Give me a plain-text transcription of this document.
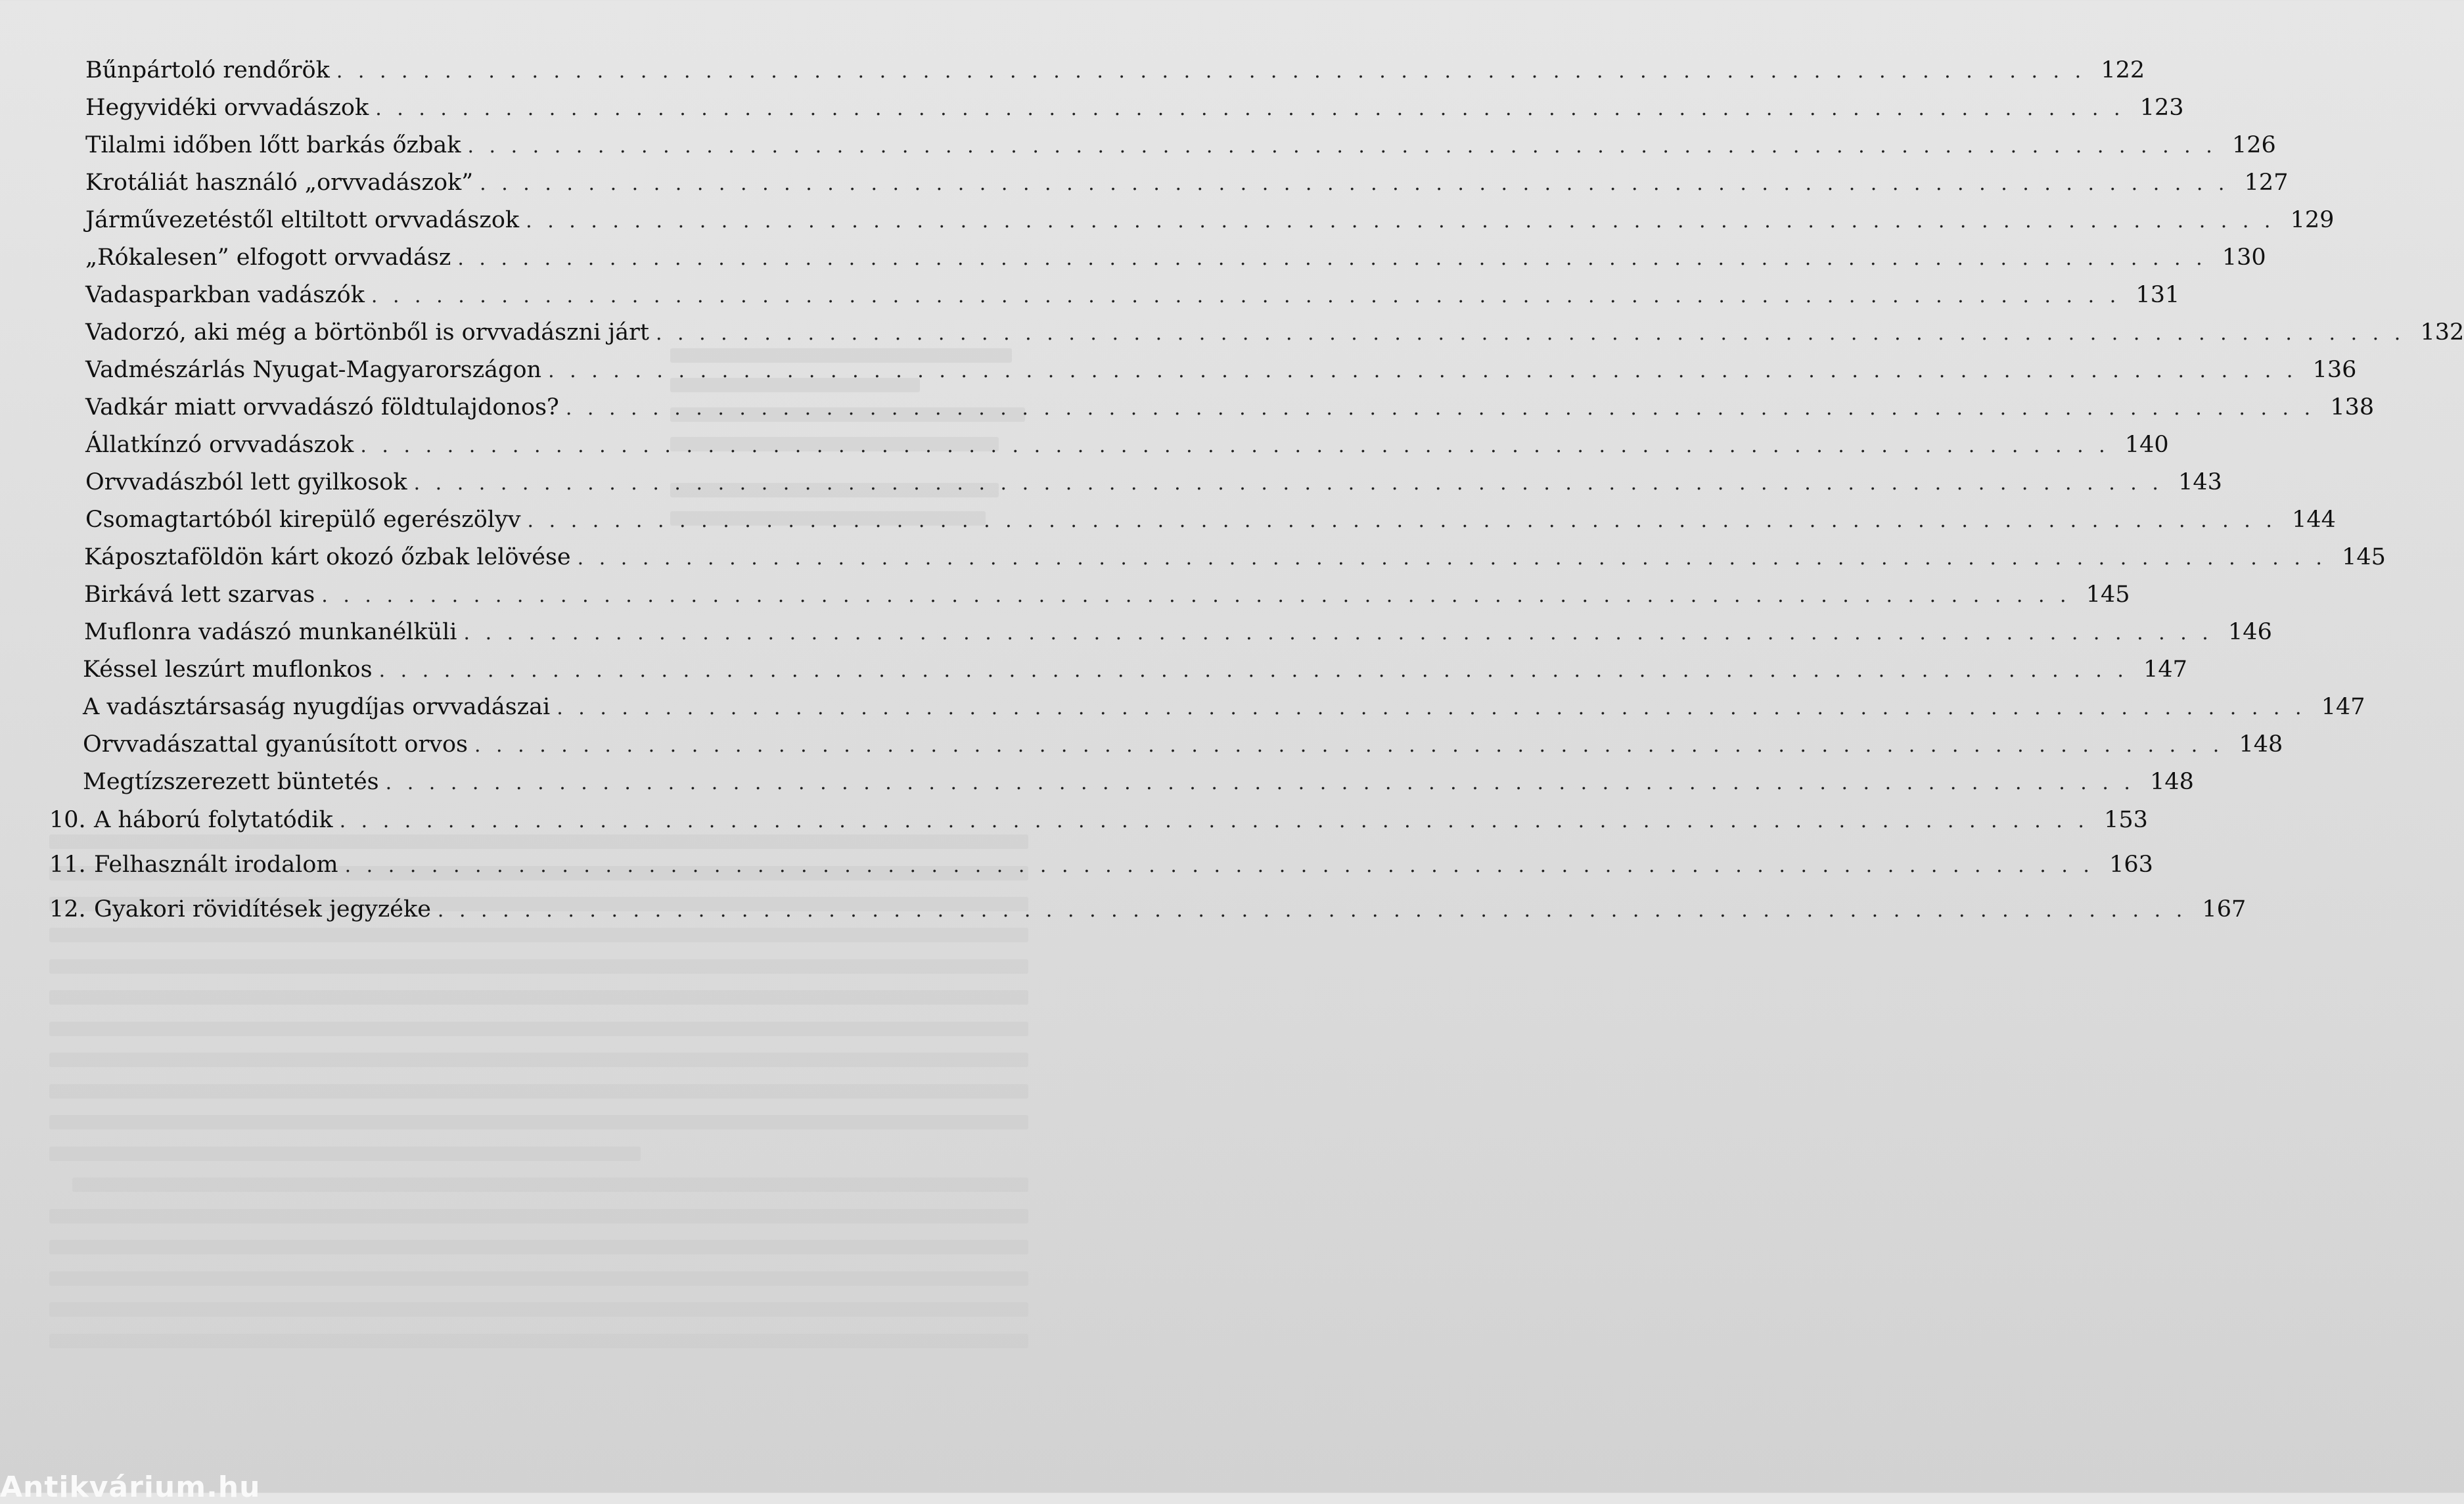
Bűnpártoló rendőrök . . . . . . . . . . . . . . . . . . . . . . . . . . . . . . . . . . . . . . . . . . . . . . . . . . . . . . . . . . . . . . . . . . . . . . . . . . . . . . . . . 122
Hegyvidéki orvvadászok . . . . . . . . . . . . . . . . . . . . . . . . . . . . . . . . . . . . . . . . . . . . . . . . . . . . . . . . . . . . . . . . . . . . . . . . . . . . . . . . . 123
Tilalmi időben lőtt barkás őzbak . . . . . . . . . . . . . . . . . . . . . . . . . . . . . . . . . . . . . . . . . . . . . . . . . . . . . . . . . . . . . . . . . . . . . . . . . . . . . . . . . 126
Krotáliát használó „orvvadászok” . . . . . . . . . . . . . . . . . . . . . . . . . . . . . . . . . . . . . . . . . . . . . . . . . . . . . . . . . . . . . . . . . . . . . . . . . . . . . . . . . 127
Járművezetéstől eltiltott orvvadászok . . . . . . . . . . . . . . . . . . . . . . . . . . . . . . . . . . . . . . . . . . . . . . . . . . . . . . . . . . . . . . . . . . . . . . . . . . . . . . . . . 129
„Rókalesen” elfogott orvvadász . . . . . . . . . . . . . . . . . . . . . . . . . . . . . . . . . . . . . . . . . . . . . . . . . . . . . . . . . . . . . . . . . . . . . . . . . . . . . . . . . 130
Vadasparkban vadászók . . . . . . . . . . . . . . . . . . . . . . . . . . . . . . . . . . . . . . . . . . . . . . . . . . . . . . . . . . . . . . . . . . . . . . . . . . . . . . . . . 131
Vadorzó, aki még a börtönből is orvvadászni járt . . . . . . . . . . . . . . . . . . . . . . . . . . . . . . . . . . . . . . . . . . . . . . . . . . . . . . . . . . . . . . . . . . . . . . . . . . . . . . . . . 132
Vadmészárlás Nyugat-Magyarországon . . . . . . . . . . . . . . . . . . . . . . . . . . . . . . . . . . . . . . . . . . . . . . . . . . . . . . . . . . . . . . . . . . . . . . . . . . . . . . . . . 136
Vadkár miatt orvvadászó földtulajdonos? . . . . . . . . . . . . . . . . . . . . . . . . . . . . . . . . . . . . . . . . . . . . . . . . . . . . . . . . . . . . . . . . . . . . . . . . . . . . . . . . . 138
Állatkínzó orvvadászok . . . . . . . . . . . . . . . . . . . . . . . . . . . . . . . . . . . . . . . . . . . . . . . . . . . . . . . . . . . . . . . . . . . . . . . . . . . . . . . . . 140
Orvvadászból lett gyilkosok . . . . . . . . . . . . . . . . . . . . . . . . . . . . . . . . . . . . . . . . . . . . . . . . . . . . . . . . . . . . . . . . . . . . . . . . . . . . . . . . . 143
Csomagtartóból kirepülő egerészölyv . . . . . . . . . . . . . . . . . . . . . . . . . . . . . . . . . . . . . . . . . . . . . . . . . . . . . . . . . . . . . . . . . . . . . . . . . . . . . . . . . 144
Káposztaföldön kárt okozó őzbak lelövése . . . . . . . . . . . . . . . . . . . . . . . . . . . . . . . . . . . . . . . . . . . . . . . . . . . . . . . . . . . . . . . . . . . . . . . . . . . . . . . . . 145
Birkává lett szarvas . . . . . . . . . . . . . . . . . . . . . . . . . . . . . . . . . . . . . . . . . . . . . . . . . . . . . . . . . . . . . . . . . . . . . . . . . . . . . . . . . 145
Muflonra vadászó munkanélküli . . . . . . . . . . . . . . . . . . . . . . . . . . . . . . . . . . . . . . . . . . . . . . . . . . . . . . . . . . . . . . . . . . . . . . . . . . . . . . . . . 146
Késsel leszúrt muflonkos . . . . . . . . . . . . . . . . . . . . . . . . . . . . . . . . . . . . . . . . . . . . . . . . . . . . . . . . . . . . . . . . . . . . . . . . . . . . . . . . . 147
A vadásztársaság nyugdíjas orvvadászai . . . . . . . . . . . . . . . . . . . . . . . . . . . . . . . . . . . . . . . . . . . . . . . . . . . . . . . . . . . . . . . . . . . . . . . . . . . . . . . . . 147
Orvvadászattal gyanúsított orvos . . . . . . . . . . . . . . . . . . . . . . . . . . . . . . . . . . . . . . . . . . . . . . . . . . . . . . . . . . . . . . . . . . . . . . . . . . . . . . . . . 148
Megtízszerezett büntetés . . . . . . . . . . . . . . . . . . . . . . . . . . . . . . . . . . . . . . . . . . . . . . . . . . . . . . . . . . . . . . . . . . . . . . . . . . . . . . . . . 148
10. A háború folytatódik . . . . . . . . . . . . . . . . . . . . . . . . . . . . . . . . . . . . . . . . . . . . . . . . . . . . . . . . . . . . . . . . . . . . . . . . . . . . . . . . . 153
11. Felhasznált irodalom . . . . . . . . . . . . . . . . . . . . . . . . . . . . . . . . . . . . . . . . . . . . . . . . . . . . . . . . . . . . . . . . . . . . . . . . . . . . . . . . . 163
12. Gyakori rövidítések jegyzéke . . . . . . . . . . . . . . . . . . . . . . . . . . . . . . . . . . . . . . . . . . . . . . . . . . . . . . . . . . . . . . . . . . . . . . . . . . . . . . . . . 167
Antikvárium.hu
